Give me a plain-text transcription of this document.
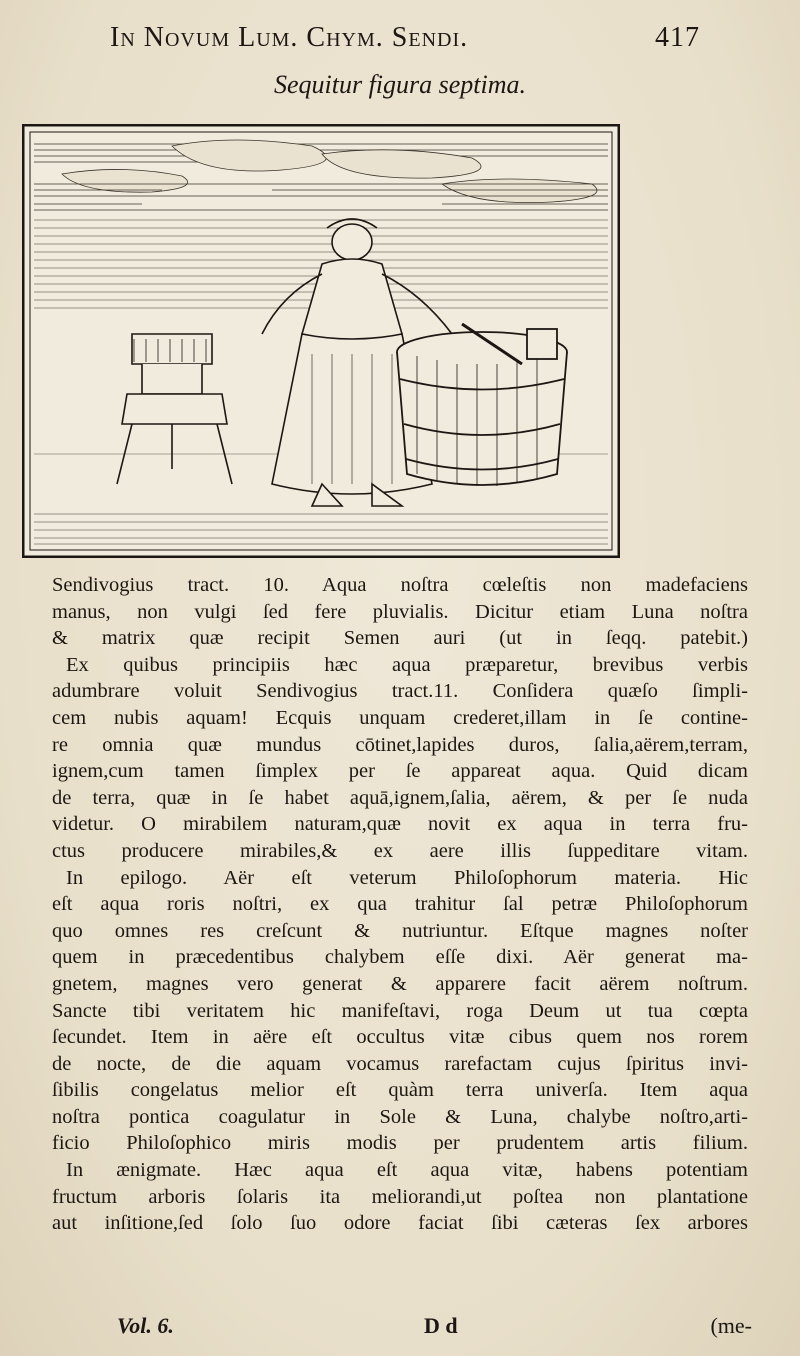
In Novum Lum. Chym. Sendi.	417
Sequitur figura septima.
Sendivogius tract. 10. Aqua noſtra cœleſtis non madefaciens
manus, non vulgi ſed fere pluvialis. Dicitur etiam Luna noſtra
& matrix quæ recipit Semen auri (ut in ſeqq. patebit.)
Ex quibus principiis hæc aqua præparetur, brevibus verbis
adumbrare voluit Sendivogius tract.11. Conſidera quæſo ſimpli-
cem nubis aquam! Ecquis unquam crederet,illam in ſe contine-
re omnia quæ mundus cōtinet,lapides duros, ſalia,aërem,terram,
ignem,cum tamen ſimplex per ſe appareat aqua. Quid dicam
de terra, quæ in ſe habet aquā,ignem,ſalia, aërem, & per ſe nuda
videtur. O mirabilem naturam,quæ novit ex aqua in terra fru-
ctus producere mirabiles,& ex aere illis ſuppeditare vitam.
In epilogo. Aër eſt veterum Philoſophorum materia. Hic
eſt aqua roris noſtri, ex qua trahitur ſal petræ Philoſophorum
quo omnes res creſcunt & nutriuntur. Eſtque magnes noſter
quem in præcedentibus chalybem eſſe dixi. Aër generat ma-
gnetem, magnes vero generat & apparere facit aërem noſtrum.
Sancte tibi veritatem hic manifeſtavi, roga Deum ut tua cœpta
ſecundet. Item in aëre eſt occultus vitæ cibus quem nos rorem
de nocte, de die aquam vocamus rarefactam cujus ſpiritus invi-
ſibilis congelatus melior eſt quàm terra univerſa. Item aqua
noſtra pontica coagulatur in Sole & Luna, chalybe noſtro,arti-
ficio Philoſophico miris modis per prudentem artis filium.
In ænigmate. Hæc aqua eſt aqua vitæ, habens potentiam
fructum arboris ſolaris ita meliorandi,ut poſtea non plantatione
aut inſitione,ſed ſolo ſuo odore faciat ſibi cæteras ſex arbores
Vol. 6.	D d	(me-
